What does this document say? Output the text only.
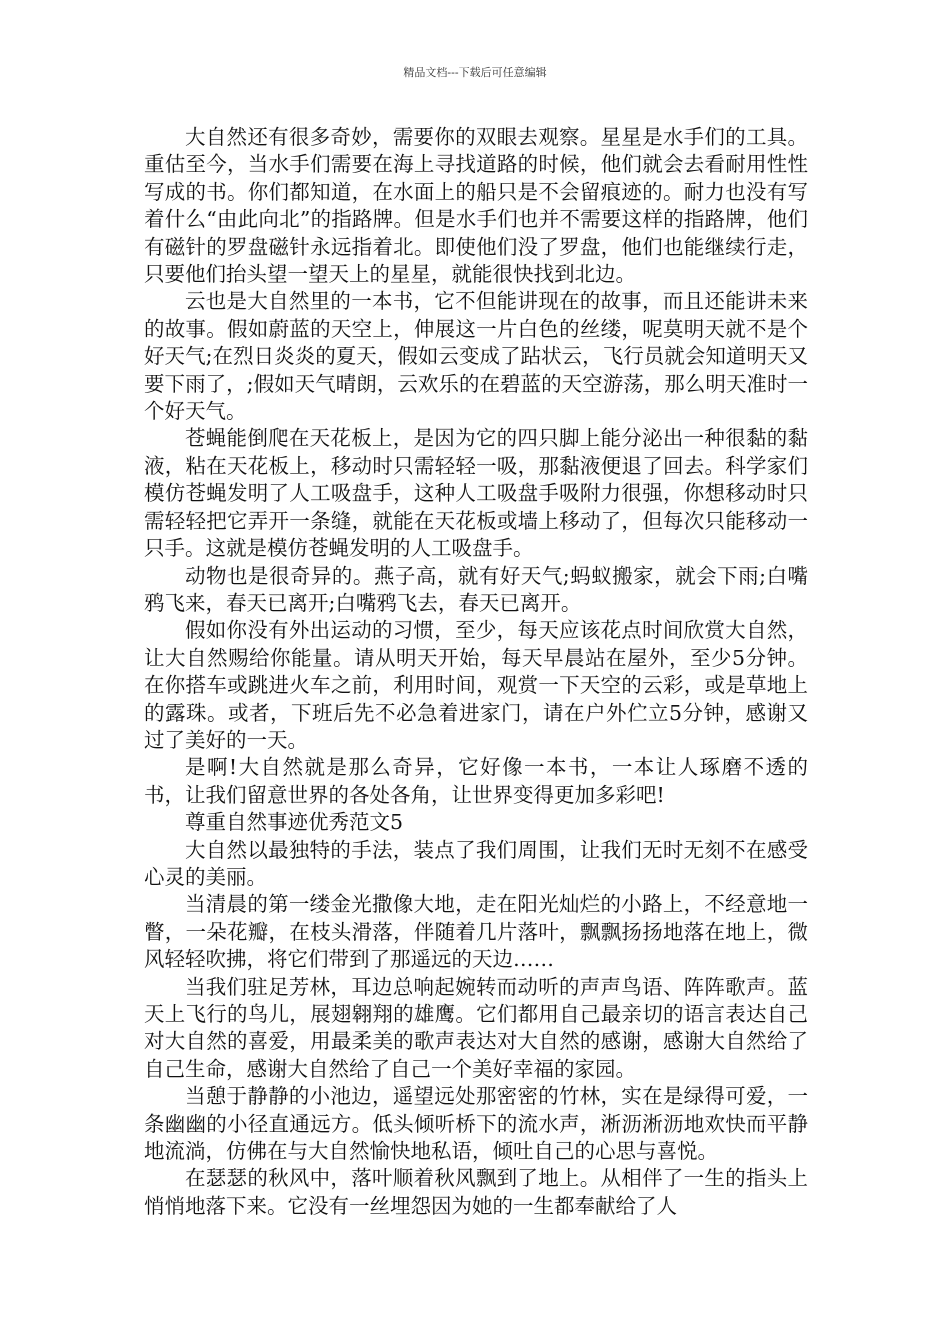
精品文档---下载后可任意编辑

大自然还有很多奇妙，需要你的双眼去观察。星星是水手们的工具。重估至今，当水手们需要在海上寻找道路的时候，他们就会去看耐用性性写成的书。你们都知道，在水面上的船只是不会留痕迹的。耐力也没有写着什么“由此向北”的指路牌。但是水手们也并不需要这样的指路牌，他们有磁针的罗盘磁针永远指着北。即使他们没了罗盘，他们也能继续行走，只要他们抬头望一望天上的星星，就能很快找到北边。

云也是大自然里的一本书，它不但能讲现在的故事，而且还能讲未来的故事。假如蔚蓝的天空上，伸展这一片白色的丝缕，呢莫明天就不是个好天气;在烈日炎炎的夏天，假如云变成了跕状云，飞行员就会知道明天又要下雨了，;假如天气晴朗，云欢乐的在碧蓝的天空游荡，那么明天准时一个好天气。

苍蝇能倒爬在天花板上，是因为它的四只脚上能分泌出一种很黏的黏液，粘在天花板上，移动时只需轻轻一吸，那黏液便退了回去。科学家们模仿苍蝇发明了人工吸盘手，这种人工吸盘手吸附力很强，你想移动时只需轻轻把它弄开一条缝，就能在天花板或墙上移动了，但每次只能移动一只手。这就是模仿苍蝇发明的人工吸盘手。

动物也是很奇异的。燕子高，就有好天气;蚂蚁搬家，就会下雨;白嘴鸦飞来，春天已离开;白嘴鸦飞去，春天已离开。

假如你没有外出运动的习惯，至少，每天应该花点时间欣赏大自然，让大自然赐给你能量。请从明天开始，每天早晨站在屋外，至少5分钟。在你搭车或跳进火车之前，利用时间，观赏一下天空的云彩，或是草地上的露珠。或者，下班后先不必急着进家门，请在户外伫立5分钟，感谢又过了美好的一天。

是啊!大自然就是那么奇异，它好像一本书，一本让人琢磨不透的书，让我们留意世界的各处各角，让世界变得更加多彩吧!

尊重自然事迹优秀范文5

大自然以最独特的手法，装点了我们周围，让我们无时无刻不在感受心灵的美丽。

当清晨的第一缕金光撒像大地，走在阳光灿烂的小路上，不经意地一瞥，一朵花瓣，在枝头滑落，伴随着几片落叶，飘飘扬扬地落在地上，微风轻轻吹拂，将它们带到了那遥远的天边……

当我们驻足芳林，耳边总响起婉转而动听的声声鸟语、阵阵歌声。蓝天上飞行的鸟儿，展翅翱翔的雄鹰。它们都用自己最亲切的语言表达自己对大自然的喜爱，用最柔美的歌声表达对大自然的感谢，感谢大自然给了自己生命，感谢大自然给了自己一个美好幸福的家园。

当憩于静静的小池边，遥望远处那密密的竹林，实在是绿得可爱，一条幽幽的小径直通远方。低头倾听桥下的流水声，淅沥淅沥地欢快而平静地流淌，仿佛在与大自然愉快地私语，倾吐自己的心思与喜悦。

在瑟瑟的秋风中，落叶顺着秋风飘到了地上。从相伴了一生的指头上悄悄地落下来。它没有一丝埋怨因为她的一生都奉献给了人
